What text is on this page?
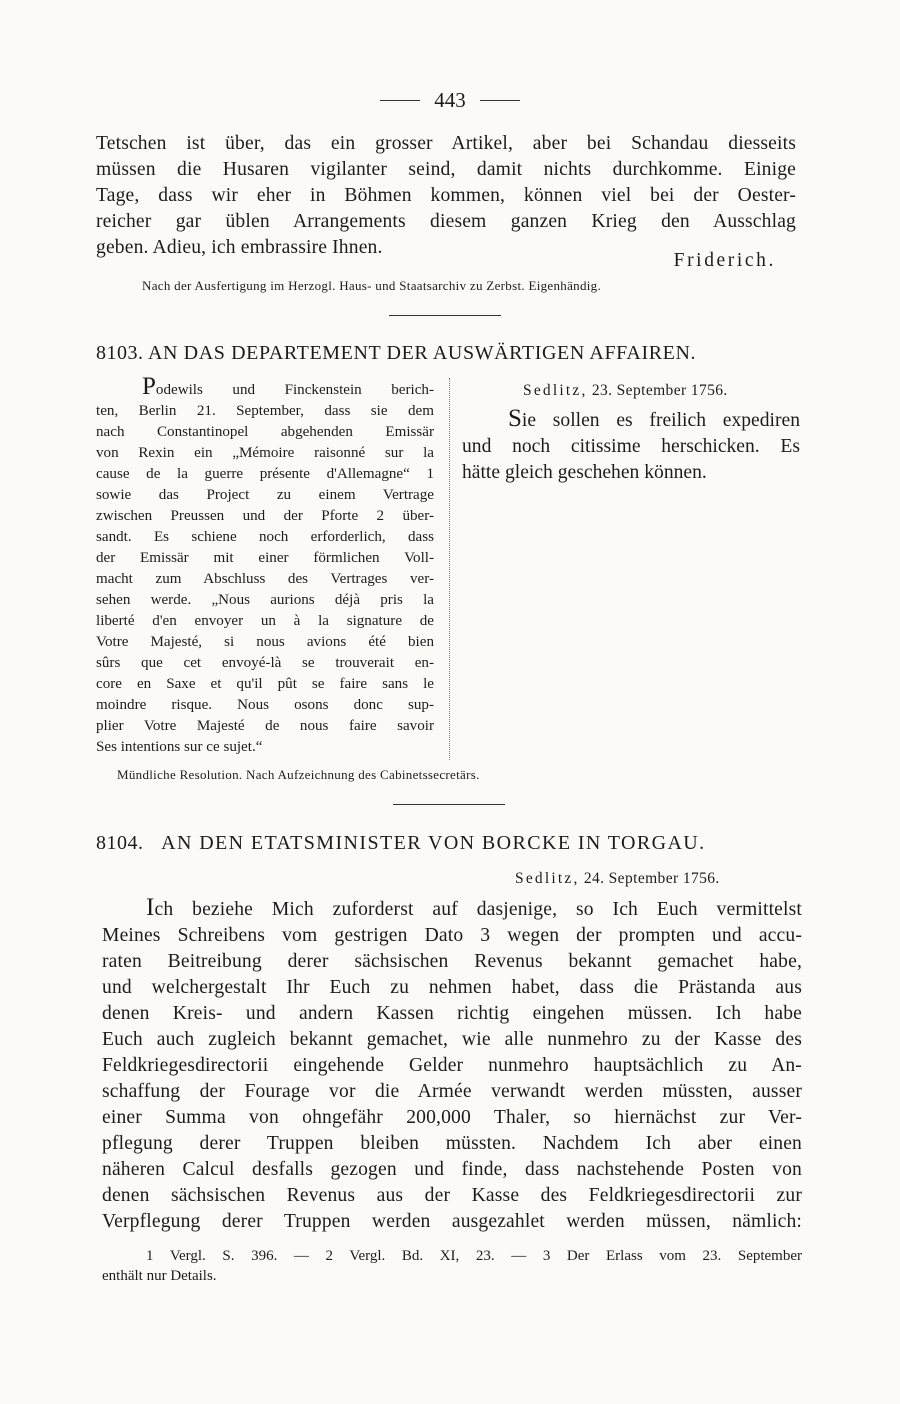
443
Tetschen ist über, das ein grosser Artikel, aber bei Schandau diesseits
müssen die Husaren vigilanter seind, damit nichts durchkomme. Einige
Tage, dass wir eher in Böhmen kommen, können viel bei der Oester-
reicher gar üblen Arrangements diesem ganzen Krieg den Ausschlag
geben. Adieu, ich embrassire Ihnen.
Friderich.
Nach der Ausfertigung im Herzogl. Haus- und Staatsarchiv zu Zerbst. Eigenhändig.
8103. AN DAS DEPARTEMENT DER AUSWÄRTIGEN AFFAIREN.
Podewils und Finckenstein berich-
ten, Berlin 21. September, dass sie dem
nach Constantinopel abgehenden Emissär
von Rexin ein „Mémoire raisonné sur la
cause de la guerre présente d'Allemagne“ 1
sowie das Project zu einem Vertrage
zwischen Preussen und der Pforte 2 über-
sandt. Es schiene noch erforderlich, dass
der Emissär mit einer förmlichen Voll-
macht zum Abschluss des Vertrages ver-
sehen werde. „Nous aurions déjà pris la
liberté d'en envoyer un à la signature de
Votre Majesté, si nous avions été bien
sûrs que cet envoyé-là se trouverait en-
core en Saxe et qu'il pût se faire sans le
moindre risque. Nous osons donc sup-
plier Votre Majesté de nous faire savoir
Ses intentions sur ce sujet.“
Sedlitz, 23. September 1756.
Sie sollen es freilich expediren
und noch citissime herschicken. Es
hätte gleich geschehen können.
Mündliche Resolution. Nach Aufzeichnung des Cabinetssecretärs.
8104. AN DEN ETATSMINISTER VON BORCKE IN TORGAU.
Sedlitz, 24. September 1756.
Ich beziehe Mich zuforderst auf dasjenige, so Ich Euch vermittelst
Meines Schreibens vom gestrigen Dato 3 wegen der prompten und accu-
raten Beitreibung derer sächsischen Revenus bekannt gemachet habe,
und welchergestalt Ihr Euch zu nehmen habet, dass die Prästanda aus
denen Kreis- und andern Kassen richtig eingehen müssen. Ich habe
Euch auch zugleich bekannt gemachet, wie alle nunmehro zu der Kasse des
Feldkriegesdirectorii eingehende Gelder nunmehro hauptsächlich zu An-
schaffung der Fourage vor die Armée verwandt werden müssten, ausser
einer Summa von ohngefähr 200,000 Thaler, so hiernächst zur Ver-
pflegung derer Truppen bleiben müssten. Nachdem Ich aber einen
näheren Calcul desfalls gezogen und finde, dass nachstehende Posten von
denen sächsischen Revenus aus der Kasse des Feldkriegesdirectorii zur
Verpflegung derer Truppen werden ausgezahlet werden müssen, nämlich:
1 Vergl. S. 396. — 2 Vergl. Bd. XI, 23. — 3 Der Erlass vom 23. September
enthält nur Details.
